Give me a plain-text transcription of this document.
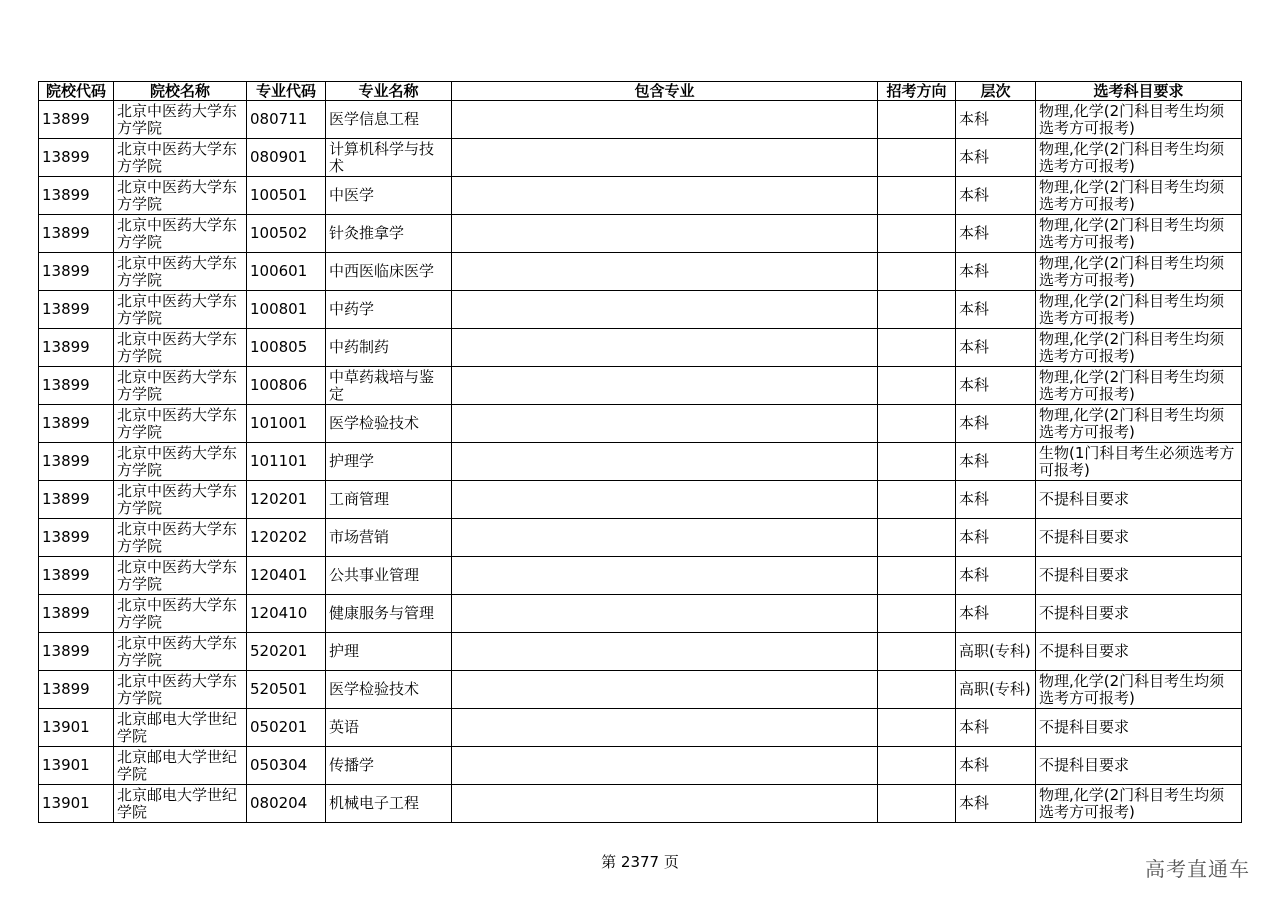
院校代码	院校名称	专业代码	专业名称	包含专业	招考方向	层次	选考科目要求
13899	北京中医药大学东方学院	080711	医学信息工程			本科	物理,化学(2门科目考生均须选考方可报考)
13899	北京中医药大学东方学院	080901	计算机科学与技术			本科	物理,化学(2门科目考生均须选考方可报考)
13899	北京中医药大学东方学院	100501	中医学			本科	物理,化学(2门科目考生均须选考方可报考)
13899	北京中医药大学东方学院	100502	针灸推拿学			本科	物理,化学(2门科目考生均须选考方可报考)
13899	北京中医药大学东方学院	100601	中西医临床医学			本科	物理,化学(2门科目考生均须选考方可报考)
13899	北京中医药大学东方学院	100801	中药学			本科	物理,化学(2门科目考生均须选考方可报考)
13899	北京中医药大学东方学院	100805	中药制药			本科	物理,化学(2门科目考生均须选考方可报考)
13899	北京中医药大学东方学院	100806	中草药栽培与鉴定			本科	物理,化学(2门科目考生均须选考方可报考)
13899	北京中医药大学东方学院	101001	医学检验技术			本科	物理,化学(2门科目考生均须选考方可报考)
13899	北京中医药大学东方学院	101101	护理学			本科	生物(1门科目考生必须选考方可报考)
13899	北京中医药大学东方学院	120201	工商管理			本科	不提科目要求
13899	北京中医药大学东方学院	120202	市场营销			本科	不提科目要求
13899	北京中医药大学东方学院	120401	公共事业管理			本科	不提科目要求
13899	北京中医药大学东方学院	120410	健康服务与管理			本科	不提科目要求
13899	北京中医药大学东方学院	520201	护理			高职(专科)	不提科目要求
13899	北京中医药大学东方学院	520501	医学检验技术			高职(专科)	物理,化学(2门科目考生均须选考方可报考)
13901	北京邮电大学世纪学院	050201	英语			本科	不提科目要求
13901	北京邮电大学世纪学院	050304	传播学			本科	不提科目要求
13901	北京邮电大学世纪学院	080204	机械电子工程			本科	物理,化学(2门科目考生均须选考方可报考)
第 2377 页	高考直通车
